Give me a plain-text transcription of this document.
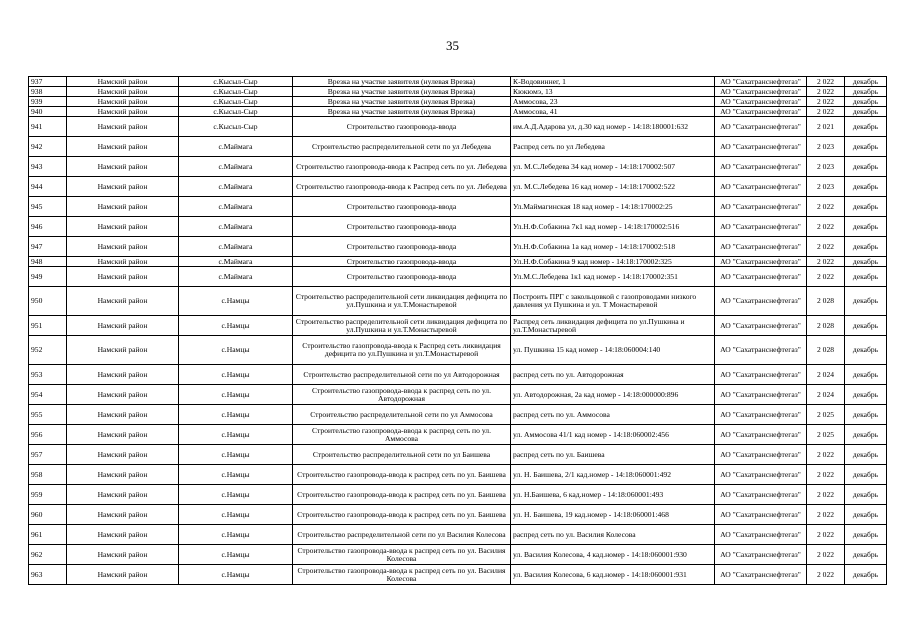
35
937	Намский район	с.Кысыл-Сыр	Врезка на участке заявителя (нулевая Врезка)	К-Водовиннег, 1	АО "Сахатранснефтегаз"	2 022	декабрь
938	Намский район	с.Кысыл-Сыр	Врезка на участке заявителя (нулевая Врезка)	Кюкюмэ, 13	АО "Сахатранснефтегаз"	2 022	декабрь
939	Намский район	с.Кысыл-Сыр	Врезка на участке заявителя (нулевая Врезка)	Аммосова, 23	АО "Сахатранснефтегаз"	2 022	декабрь
940	Намский район	с.Кысыл-Сыр	Врезка на участке заявителя (нулевая Врезка)	Аммосова, 41	АО "Сахатранснефтегаз"	2 022	декабрь
941	Намский район	с.Кысыл-Сыр	Строительство газопровода-ввода	им.А.Д.Адарова ул, д.30 кад номер - 14:18:180001:632	АО "Сахатранснефтегаз"	2 021	декабрь
942	Намский район	с.Маймага	Строительство распределительной сети по ул Лебедева	Распред сеть по ул Лебедева	АО "Сахатранснефтегаз"	2 023	декабрь
943	Намский район	с.Маймага	Строительство газопровода-ввода к Распред сеть по ул. Лебедева	ул. М.С.Лебедева 34 кад номер - 14:18:170002:507	АО "Сахатранснефтегаз"	2 023	декабрь
944	Намский район	с.Маймага	Строительство газопровода-ввода к Распред сеть по ул. Лебедева	ул. М.С.Лебедева 16 кад номер - 14:18:170002:522	АО "Сахатранснефтегаз"	2 023	декабрь
945	Намский район	с.Маймага	Строительство газопровода-ввода	Ул.Маймагинская 18 кад номер - 14:18:170002:25	АО "Сахатранснефтегаз"	2 022	декабрь
946	Намский район	с.Маймага	Строительство газопровода-ввода	Ул.Н.Ф.Собакина 7к1 кад номер - 14:18:170002:516	АО "Сахатранснефтегаз"	2 022	декабрь
947	Намский район	с.Маймага	Строительство газопровода-ввода	Ул.Н.Ф.Собакина 1а кад номер - 14:18:170002:518	АО "Сахатранснефтегаз"	2 022	декабрь
948	Намский район	с.Маймага	Строительство газопровода-ввода	Ул.Н.Ф.Собакина 9 кад номер - 14:18:170002:325	АО "Сахатранснефтегаз"	2 022	декабрь
949	Намский район	с.Маймага	Строительство газопровода-ввода	Ул.М.С.Лебедева 1к1 кад номер - 14:18:170002:351	АО "Сахатранснефтегаз"	2 022	декабрь
950	Намский район	с.Намцы	Строительство распределительной сети ликвидация дефицита по ул.Пушкина и ул.Т.Монастыревой	Построить ПРГ с закольцовкой с газопроводами низкого давления ул Пушкина и ул. Т Монастыревой	АО "Сахатранснефтегаз"	2 028	декабрь
951	Намский район	с.Намцы	Строительство распределительной сети ликвидация дефицита по ул.Пушкина и ул.Т.Монастыревой	Распред сеть ликвидация дефицита по ул.Пушкина и ул.Т.Монастыревой	АО "Сахатранснефтегаз"	2 028	декабрь
952	Намский район	с.Намцы	Строительство газопровода-ввода к Распред сеть ликвидация дефицита по ул.Пушкина и ул.Т.Монастыревой	ул. Пушкина 15 кад номер - 14:18:060004:140	АО "Сахатранснефтегаз"	2 028	декабрь
953	Намский район	с.Намцы	Строительство распределительной сети по ул Автодорожная	распред сеть по ул. Автодорожная	АО "Сахатранснефтегаз"	2 024	декабрь
954	Намский район	с.Намцы	Строительство газопровода-ввода к распред сеть по ул. Автодорожная	ул. Автодорожная, 2а кад номер - 14:18:000000:896	АО "Сахатранснефтегаз"	2 024	декабрь
955	Намский район	с.Намцы	Строительство распределительной сети по ул Аммосова	распред сеть по ул. Аммосова	АО "Сахатранснефтегаз"	2 025	декабрь
956	Намский район	с.Намцы	Строительство газопровода-ввода к распред сеть по ул. Аммосова	ул. Аммосова 41/1 кад номер - 14:18:060002:456	АО "Сахатранснефтегаз"	2 025	декабрь
957	Намский район	с.Намцы	Строительство распределительной сети по ул Баишева	распред сеть по ул. Баишева	АО "Сахатранснефтегаз"	2 022	декабрь
958	Намский район	с.Намцы	Строительство газопровода-ввода к распред сеть по ул. Баишева	ул. Н. Баишева, 2/1 кад.номер - 14:18:060001:492	АО "Сахатранснефтегаз"	2 022	декабрь
959	Намский район	с.Намцы	Строительство газопровода-ввода к распред сеть по ул. Баишева	ул. Н.Баишева, 6 кад.номер - 14:18:060001:493	АО "Сахатранснефтегаз"	2 022	декабрь
960	Намский район	с.Намцы	Строительство газопровода-ввода к распред сеть по ул. Баишева	ул. Н. Баишева, 19 кад.номер - 14:18:060001:468	АО "Сахатранснефтегаз"	2 022	декабрь
961	Намский район	с.Намцы	Строительство распределительной сети по ул Василия Колесова	распред сеть по ул. Василия Колесова	АО "Сахатранснефтегаз"	2 022	декабрь
962	Намский район	с.Намцы	Строительство газопровода-ввода к распред сеть по ул. Василия Колесова	ул. Василия Колесова, 4 кад.номер - 14:18:060001:930	АО "Сахатранснефтегаз"	2 022	декабрь
963	Намский район	с.Намцы	Строительство газопровода-ввода к распред сеть по ул. Василия Колесова	ул. Василия Колесова, 6 кад.номер - 14:18:060001:931	АО "Сахатранснефтегаз"	2 022	декабрь
